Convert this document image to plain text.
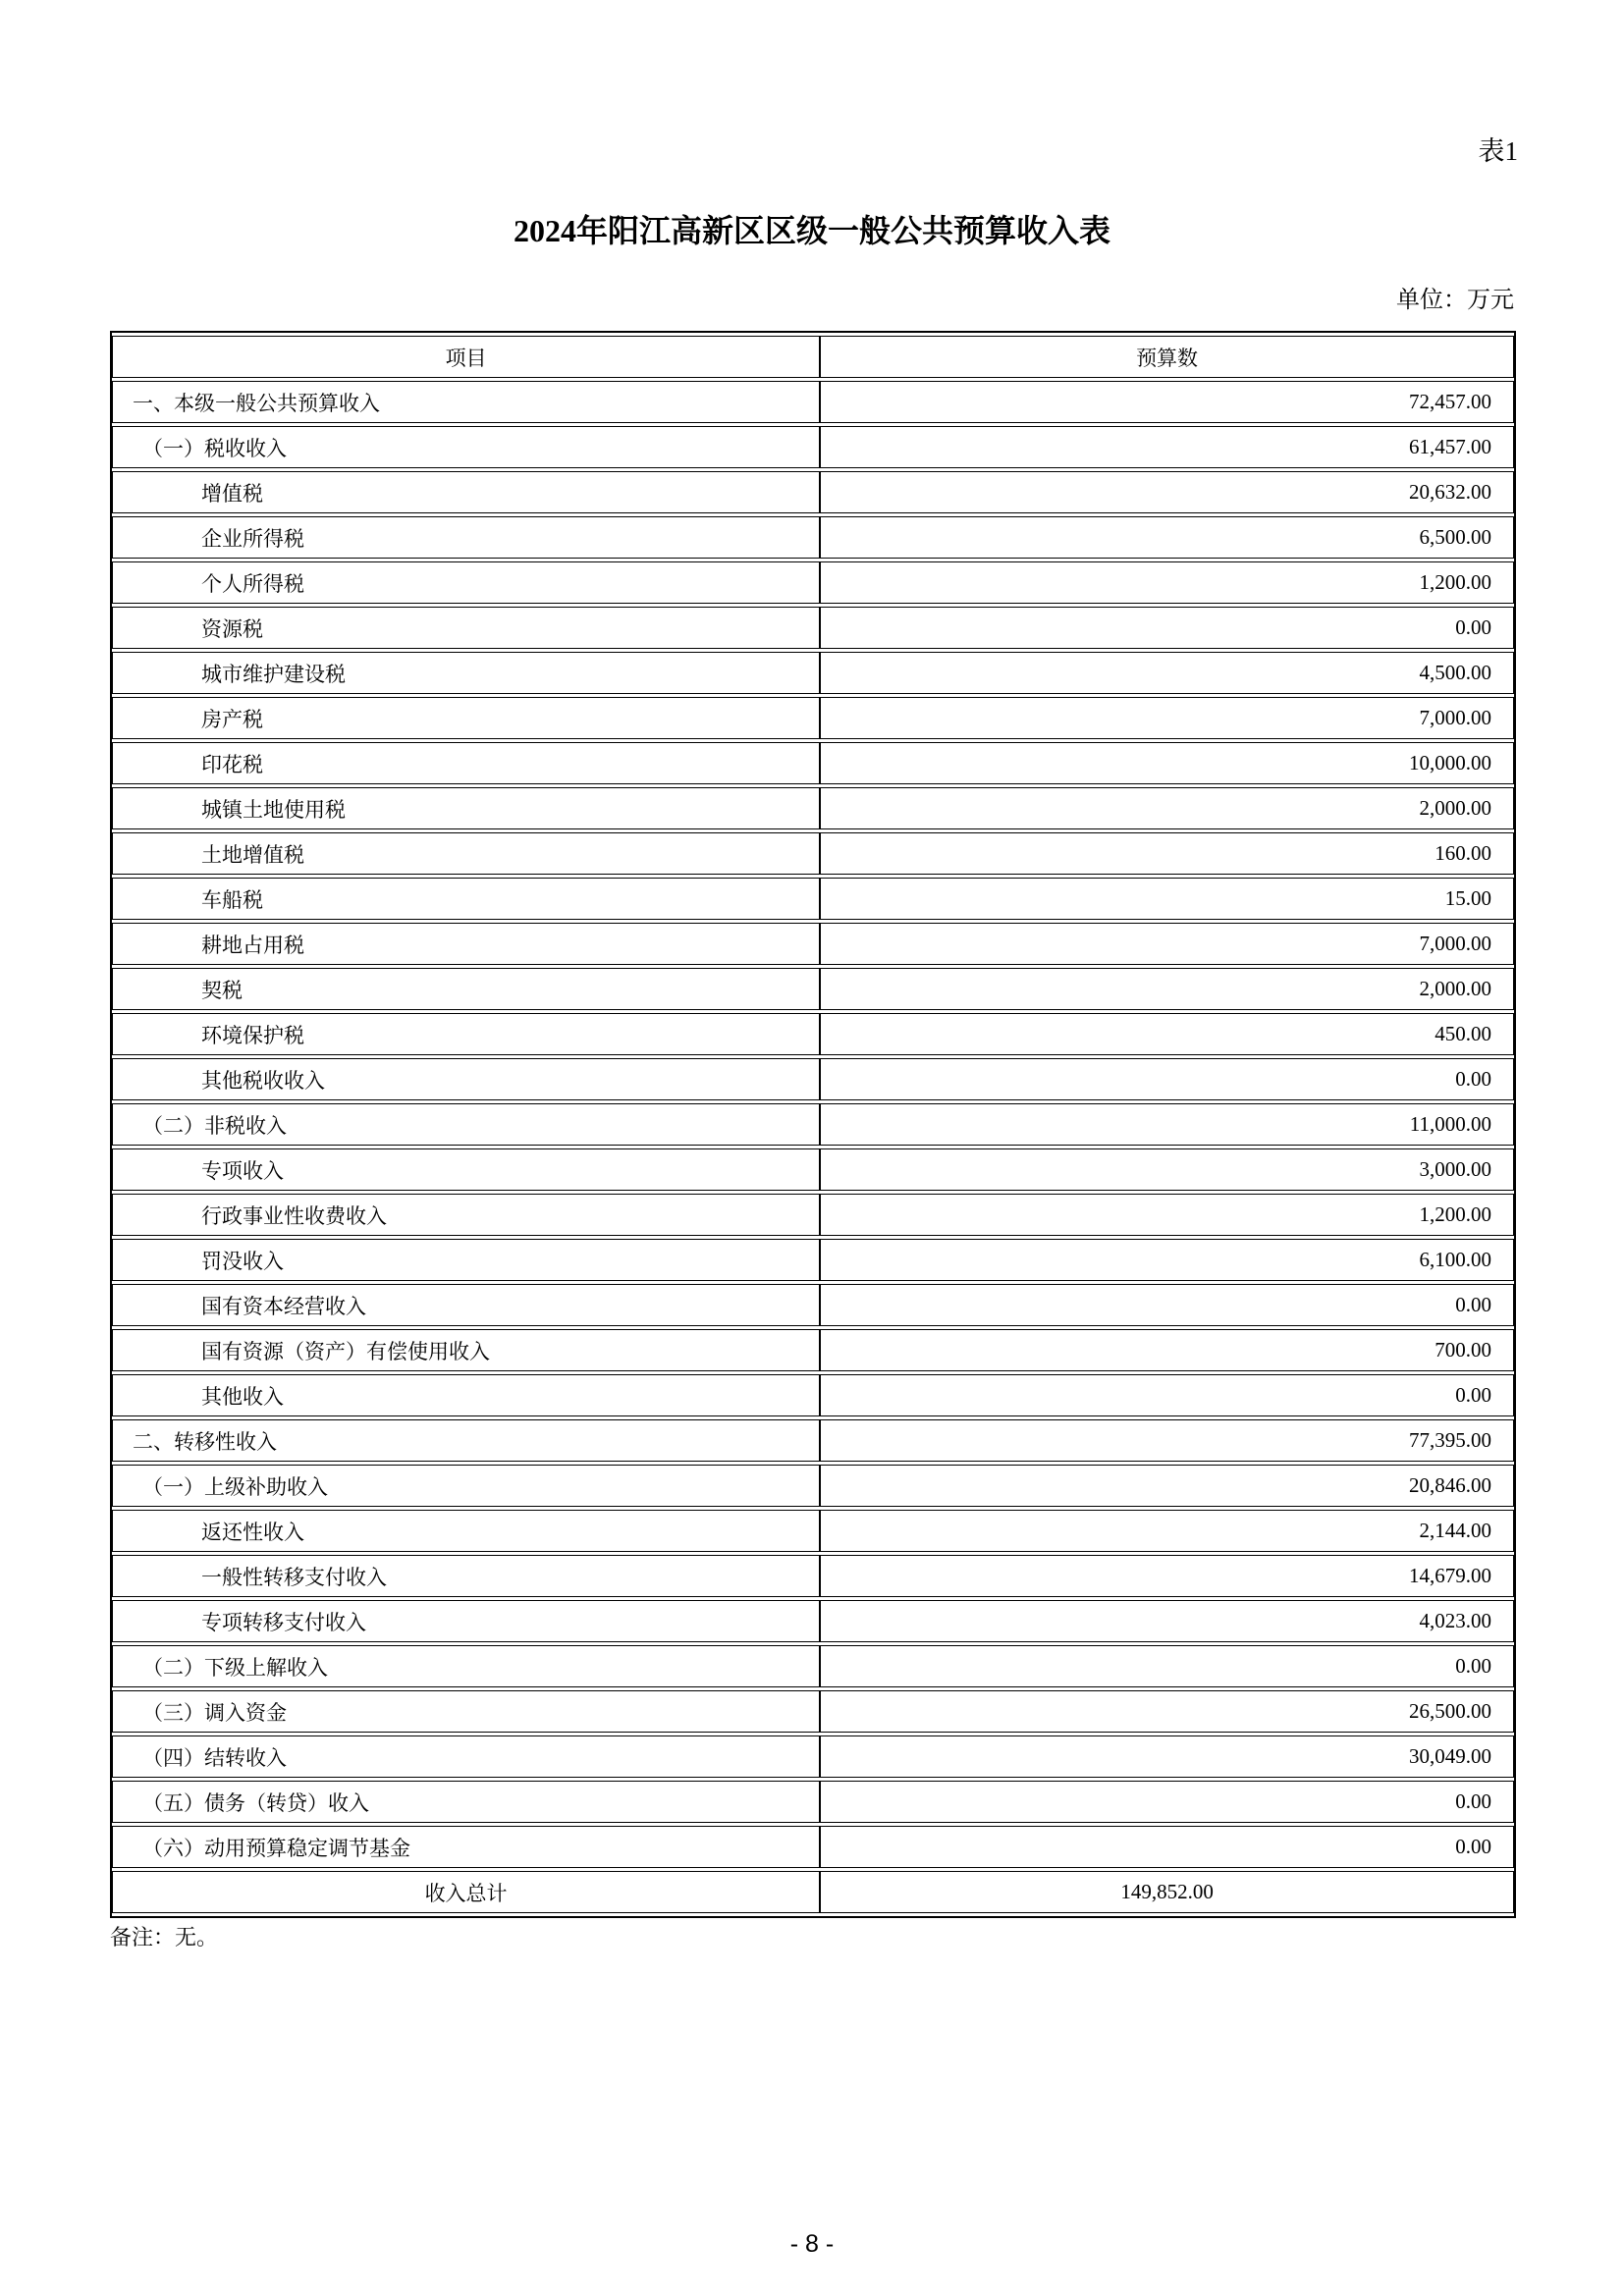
表1
2024年阳江高新区区级一般公共预算收入表
单位：万元
项目	预算数
一、本级一般公共预算收入	72,457.00
（一）税收收入	61,457.00
增值税	20,632.00
企业所得税	6,500.00
个人所得税	1,200.00
资源税	0.00
城市维护建设税	4,500.00
房产税	7,000.00
印花税	10,000.00
城镇土地使用税	2,000.00
土地增值税	160.00
车船税	15.00
耕地占用税	7,000.00
契税	2,000.00
环境保护税	450.00
其他税收收入	0.00
（二）非税收入	11,000.00
专项收入	3,000.00
行政事业性收费收入	1,200.00
罚没收入	6,100.00
国有资本经营收入	0.00
国有资源（资产）有偿使用收入	700.00
其他收入	0.00
二、转移性收入	77,395.00
（一）上级补助收入	20,846.00
返还性收入	2,144.00
一般性转移支付收入	14,679.00
专项转移支付收入	4,023.00
（二）下级上解收入	0.00
（三）调入资金	26,500.00
（四）结转收入	30,049.00
（五）债务（转贷）收入	0.00
（六）动用预算稳定调节基金	0.00
收入总计	149,852.00
备注：无。
- 8 -
